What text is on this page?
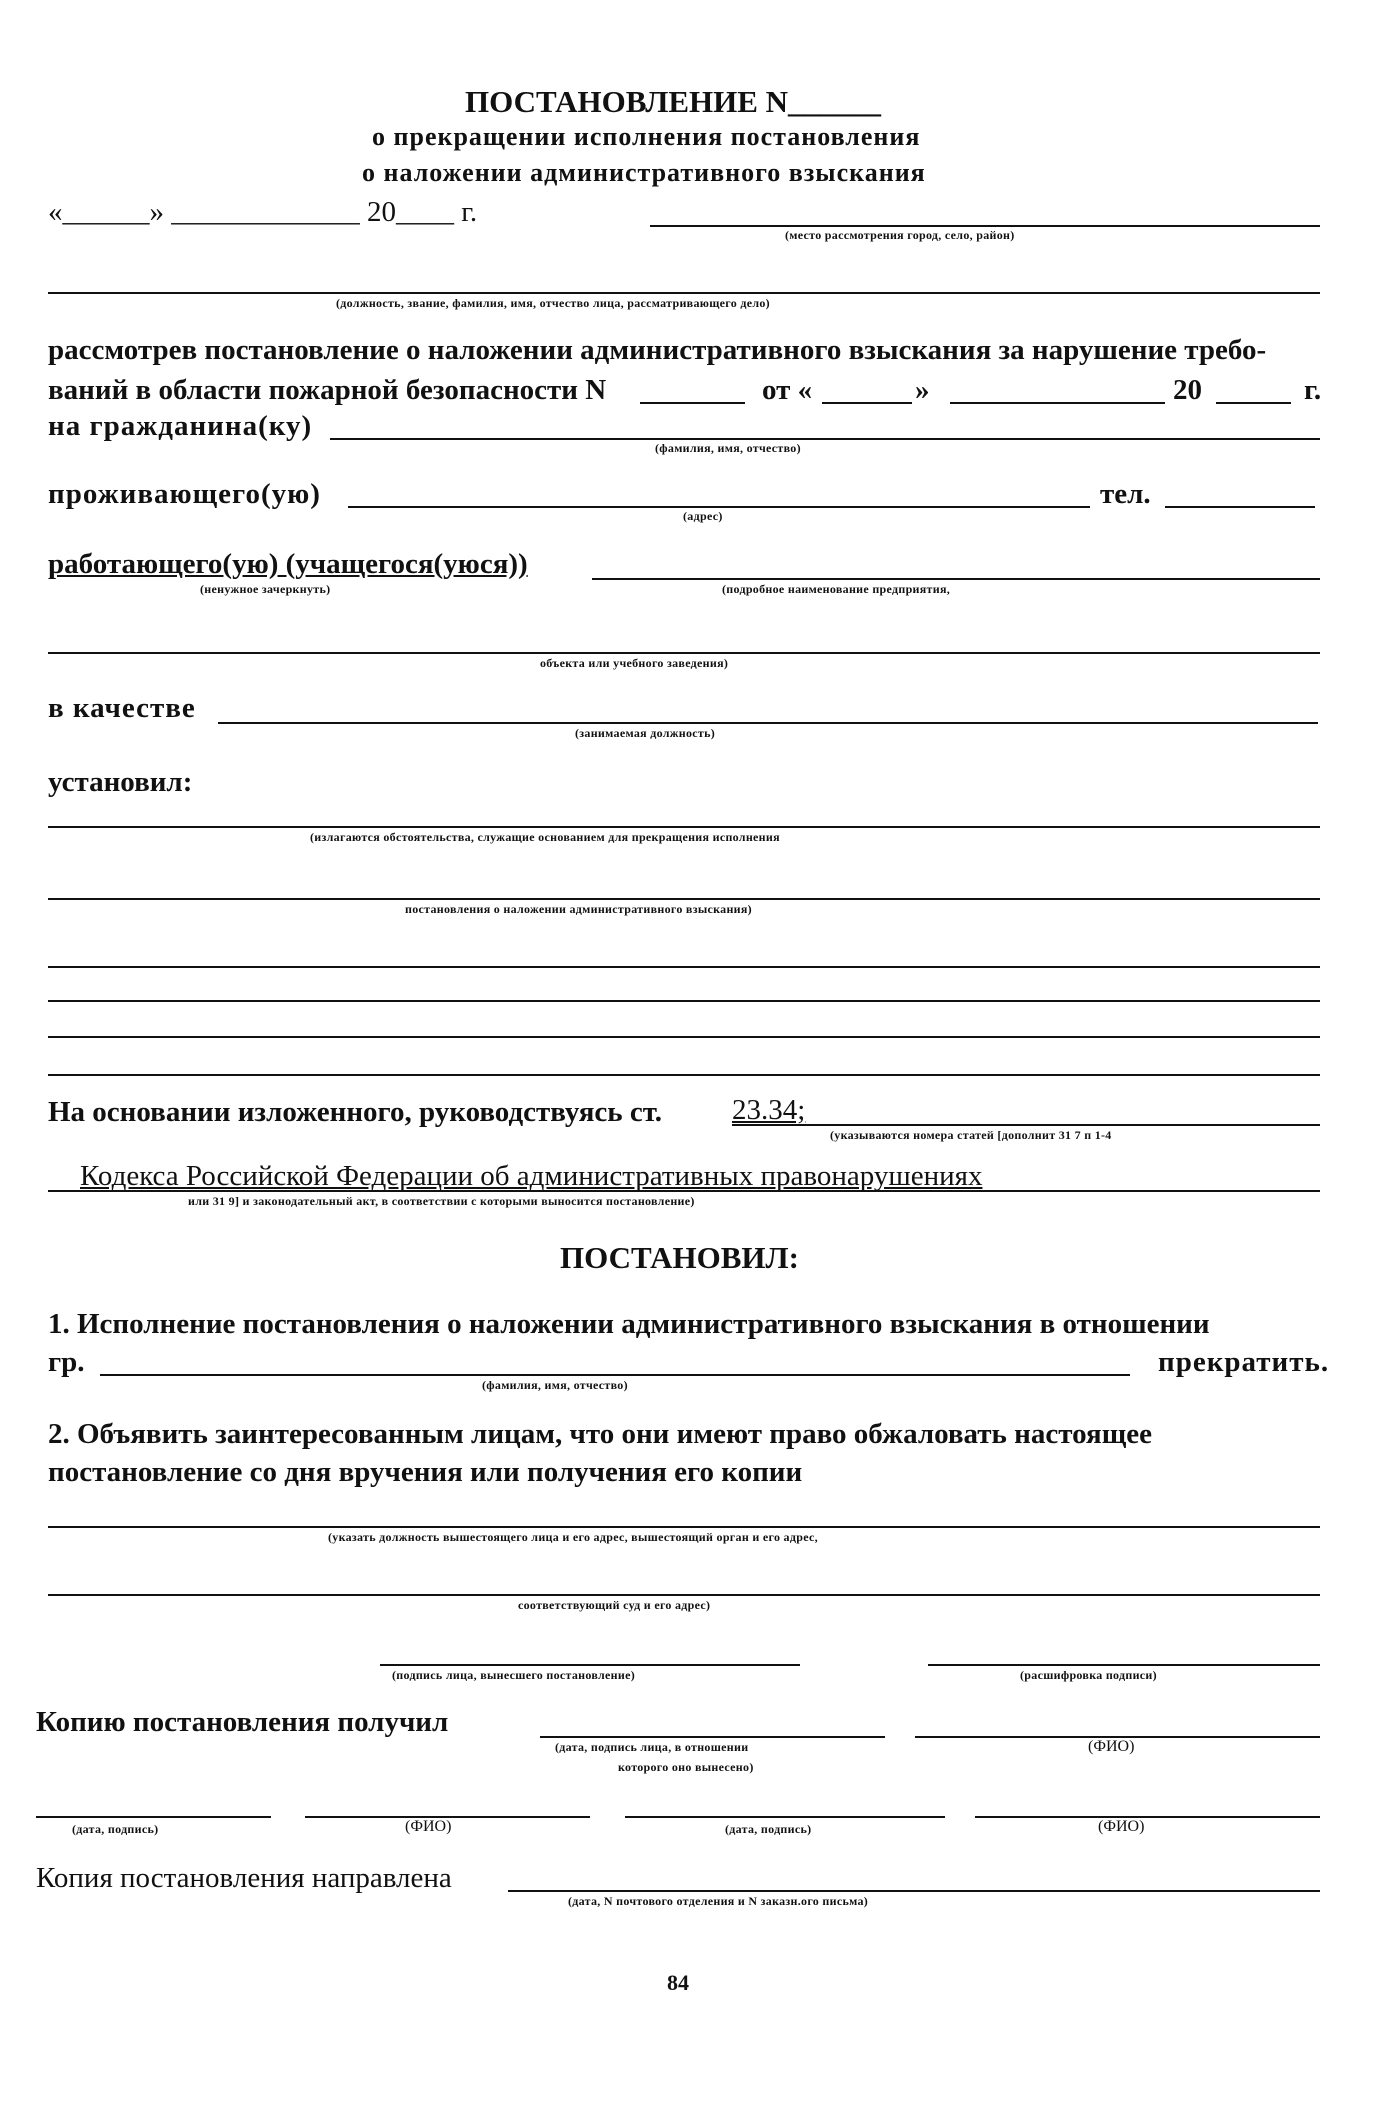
ПОСТАНОВЛЕНИЕ N______
о прекращении исполнения постановления
о наложении административного взыскания
«______» _____________ 20____ г.
(место рассмотрения город, село, район)
(должность, звание, фамилия, имя, отчество лица, рассматривающего дело)
рассмотрев постановление о наложении административного взыскания за нарушение требо-
ваний в области пожарной безопасности N	от «	»	20	г.
на гражданина(ку)
(фамилия, имя, отчество)
проживающего(ую)
(адрес)
тел.
работающего(ую) (учащегося(уюся))
(ненужное зачеркнуть)	(подробное наименование предприятия,
объекта или учебного заведения)
в качестве
(занимаемая должность)
установил:
(излагаются обстоятельства, служащие основанием для прекращения исполнения
постановления о наложении административного взыскания)
На основании изложенного, руководствуясь ст. 23.34;
(указываются номера статей [дополнит 31 7 п 1-4
Кодекса Российской Федерации об административных правонарушениях
или 31 9] и законодательный акт, в соответствии с которыми выносится постановление)
ПОСТАНОВИЛ:
1. Исполнение постановления о наложении административного взыскания в отношении
гр.	прекратить.
(фамилия, имя, отчество)
2. Объявить заинтересованным лицам, что они имеют право обжаловать настоящее
постановление со дня вручения или получения его копии
(указать должность вышестоящего лица и его адрес, вышестоящий орган и его адрес,
соответствующий суд и его адрес)
(подпись лица, вынесшего постановление)	(расшифровка подписи)
Копию постановления получил
(дата, подпись лица, в отношении
которого оно вынесено)
(ФИО)
(дата, подпись)	(ФИО)	(дата, подпись)	(ФИО)
Копия постановления направлена
(дата, N почтового отделения и N заказн.ого письма)
84
